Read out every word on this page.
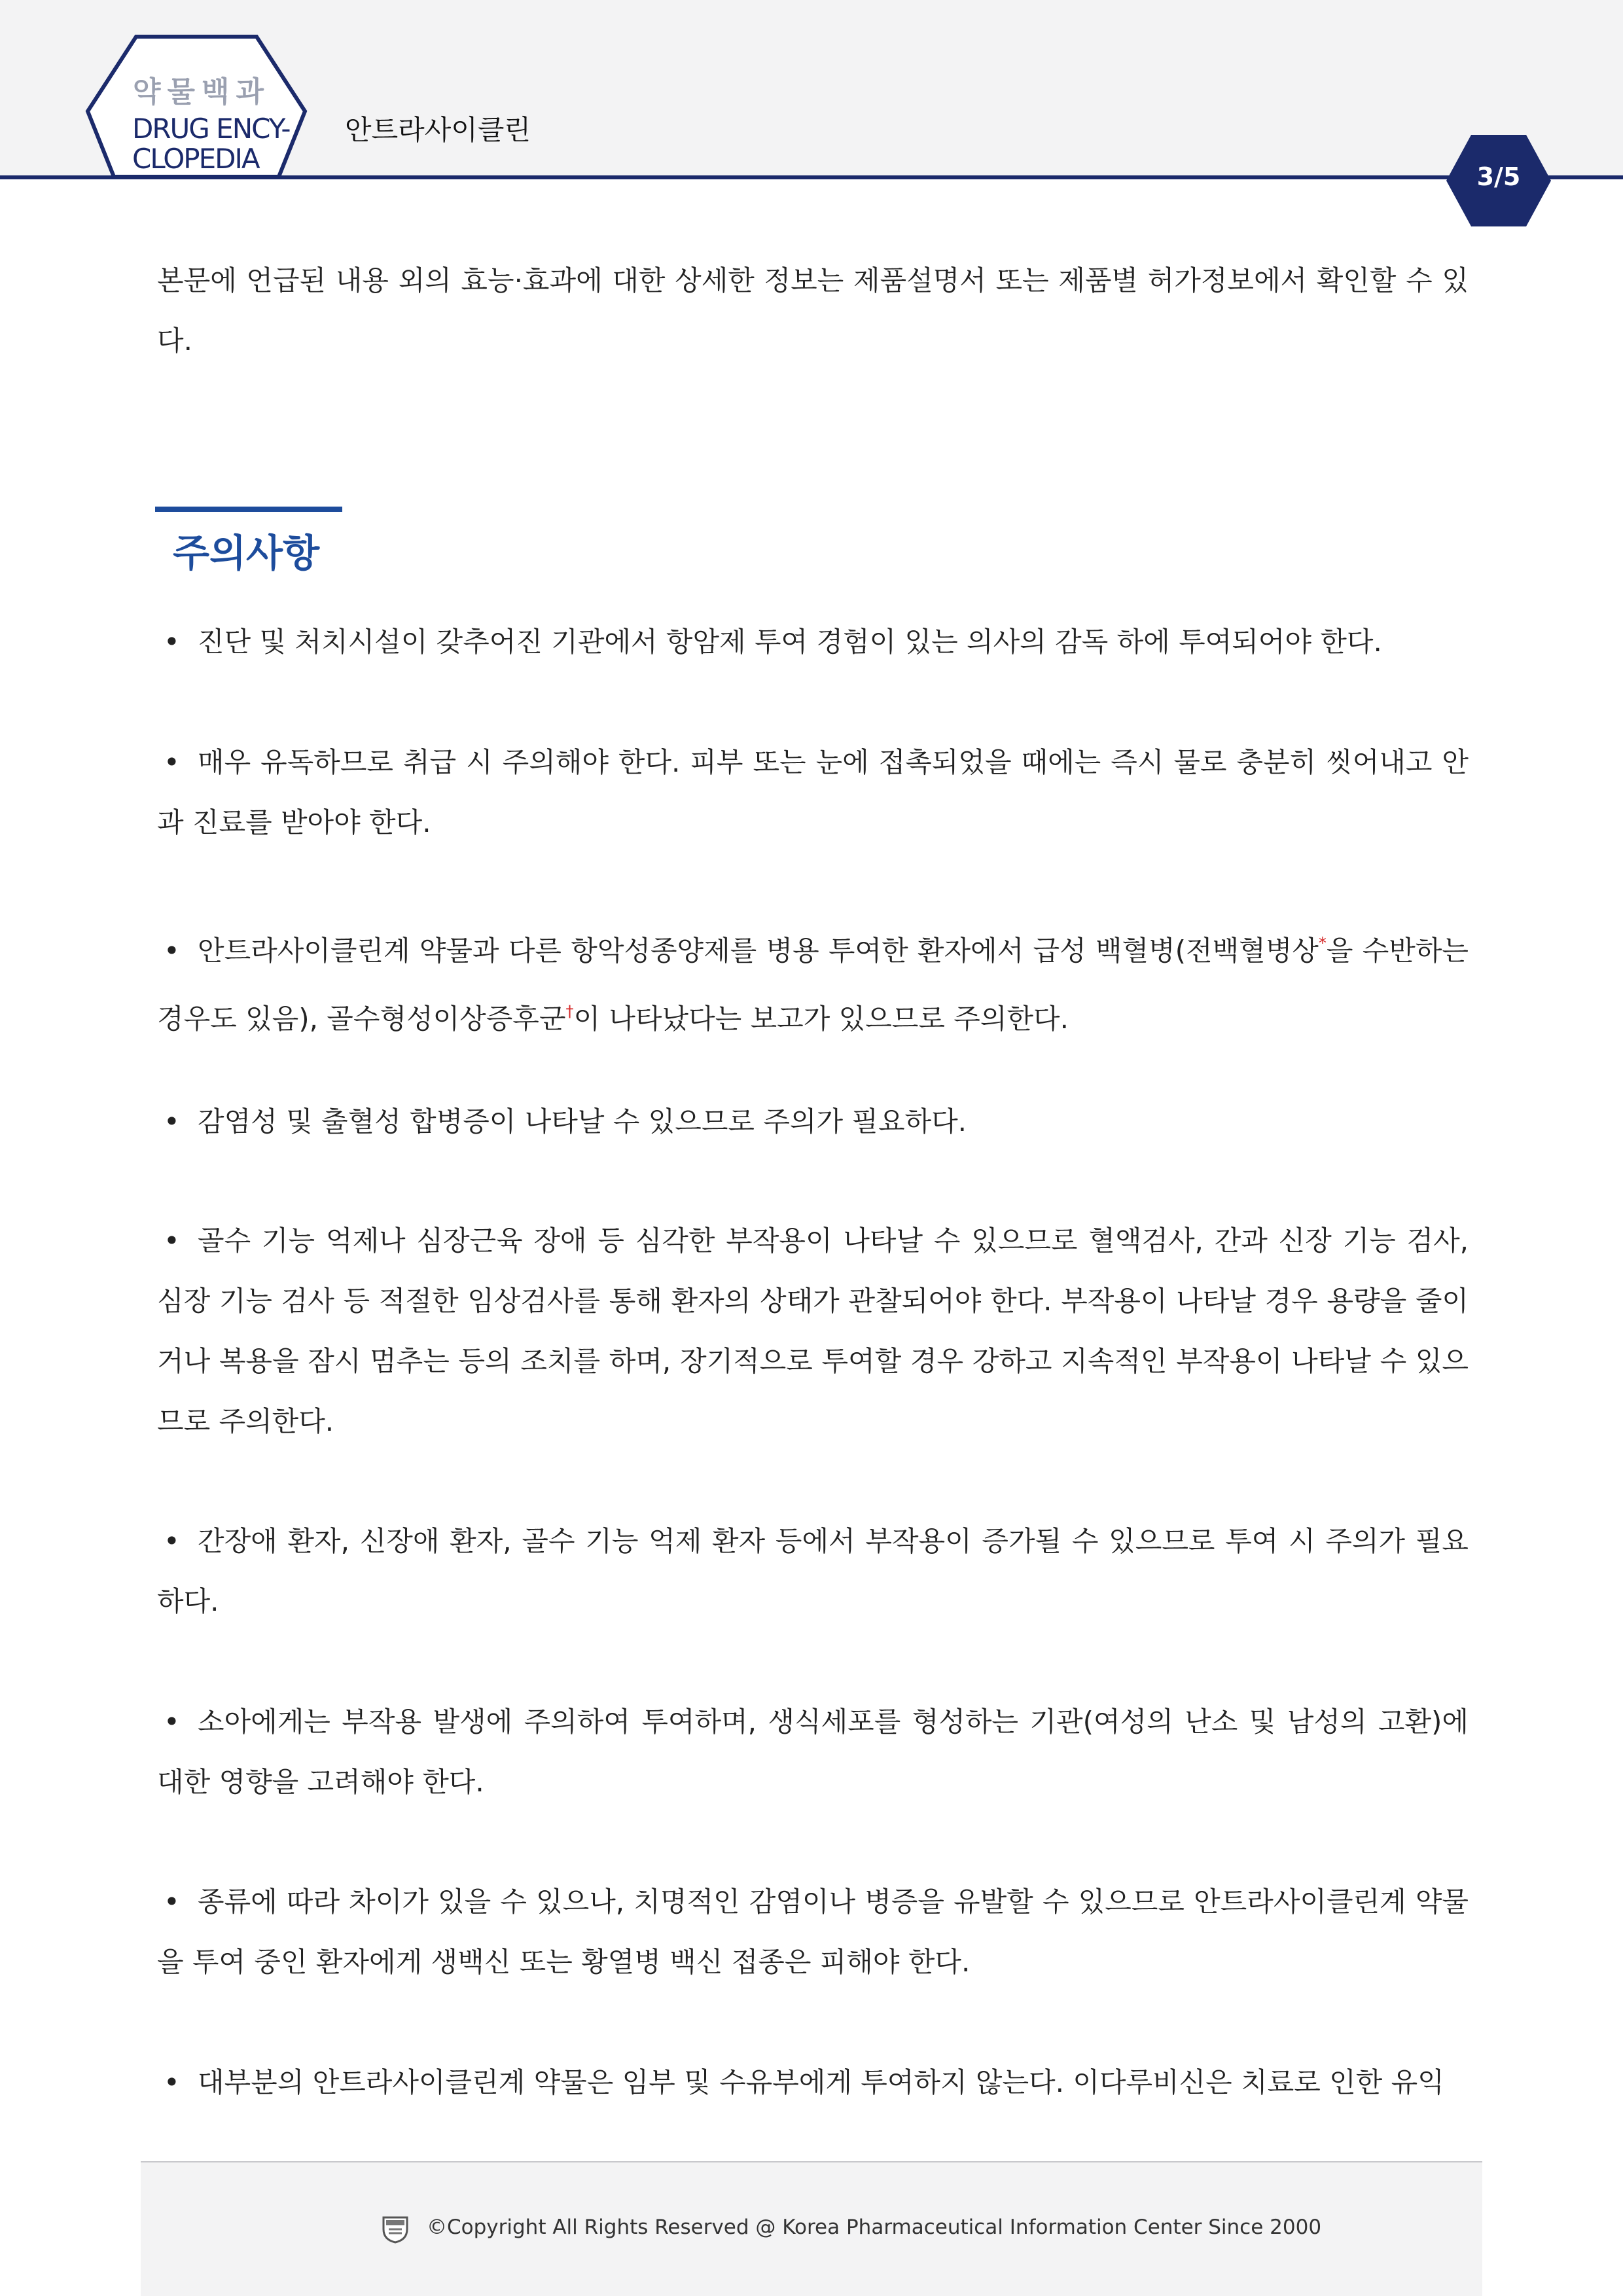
약물백과
DRUG ENCY-
CLOPEDIA
안트라사이클린
3/5

본문에 언급된 내용 외의 효능·효과에 대한 상세한 정보는 제품설명서 또는 제품별 허가정보에서 확인할 수 있다.

주의사항

• 진단 및 처치시설이 갖추어진 기관에서 항암제 투여 경험이 있는 의사의 감독 하에 투여되어야 한다.

• 매우 유독하므로 취급 시 주의해야 한다. 피부 또는 눈에 접촉되었을 때에는 즉시 물로 충분히 씻어내고 안과 진료를 받아야 한다.

• 안트라사이클린계 약물과 다른 항악성종양제를 병용 투여한 환자에서 급성 백혈병(전백혈병상*을 수반하는 경우도 있음), 골수형성이상증후군†이 나타났다는 보고가 있으므로 주의한다.

• 감염성 및 출혈성 합병증이 나타날 수 있으므로 주의가 필요하다.

• 골수 기능 억제나 심장근육 장애 등 심각한 부작용이 나타날 수 있으므로 혈액검사, 간과 신장 기능 검사, 심장 기능 검사 등 적절한 임상검사를 통해 환자의 상태가 관찰되어야 한다. 부작용이 나타날 경우 용량을 줄이거나 복용을 잠시 멈추는 등의 조치를 하며, 장기적으로 투여할 경우 강하고 지속적인 부작용이 나타날 수 있으므로 주의한다.

• 간장애 환자, 신장애 환자, 골수 기능 억제 환자 등에서 부작용이 증가될 수 있으므로 투여 시 주의가 필요하다.

• 소아에게는 부작용 발생에 주의하여 투여하며, 생식세포를 형성하는 기관(여성의 난소 및 남성의 고환)에 대한 영향을 고려해야 한다.

• 종류에 따라 차이가 있을 수 있으나, 치명적인 감염이나 병증을 유발할 수 있으므로 안트라사이클린계 약물을 투여 중인 환자에게 생백신 또는 황열병 백신 접종은 피해야 한다.

• 대부분의 안트라사이클린계 약물은 임부 및 수유부에게 투여하지 않는다. 이다루비신은 치료로 인한 유익

©Copyright All Rights Reserved @ Korea Pharmaceutical Information Center Since 2000
